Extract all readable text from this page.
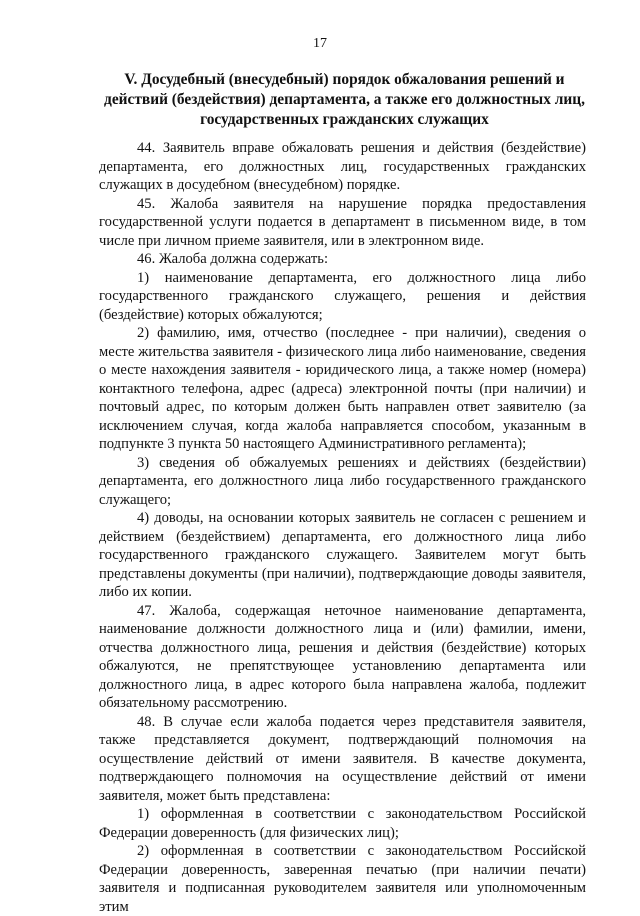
17
V. Досудебный (внесудебный) порядок обжалования решений и действий (бездействия) департамента, а также его должностных лиц, государственных гражданских служащих

44. Заявитель вправе обжаловать решения и действия (бездействие) департамента, его должностных лиц, государственных гражданских служащих в досудебном (внесудебном) порядке.

45. Жалоба заявителя на нарушение порядка предоставления государственной услуги подается в департамент в письменном виде, в том числе при личном приеме заявителя, или в электронном виде.

46. Жалоба должна содержать:

1) наименование департамента, его должностного лица либо государственного гражданского служащего, решения и действия (бездействие) которых обжалуются;

2) фамилию, имя, отчество (последнее - при наличии), сведения о месте жительства заявителя - физического лица либо наименование, сведения о месте нахождения заявителя - юридического лица, а также номер (номера) контактного телефона, адрес (адреса) электронной почты (при наличии) и почтовый адрес, по которым должен быть направлен ответ заявителю (за исключением случая, когда жалоба направляется способом, указанным в подпункте 3 пункта 50 настоящего Административного регламента);

3) сведения об обжалуемых решениях и действиях (бездействии) департамента, его должностного лица либо государственного гражданского служащего;

4) доводы, на основании которых заявитель не согласен с решением и действием (бездействием) департамента, его должностного лица либо государственного гражданского служащего. Заявителем могут быть представлены документы (при наличии), подтверждающие доводы заявителя, либо их копии.

47. Жалоба, содержащая неточное наименование департамента, наименование должности должностного лица и (или) фамилии, имени, отчества должностного лица, решения и действия (бездействие) которых обжалуются, не препятствующее установлению департамента или должностного лица, в адрес которого была направлена жалоба, подлежит обязательному рассмотрению.

48. В случае если жалоба подается через представителя заявителя, также представляется документ, подтверждающий полномочия на осуществление действий от имени заявителя. В качестве документа, подтверждающего полномочия на осуществление действий от имени заявителя, может быть представлена:

1) оформленная в соответствии с законодательством Российской Федерации доверенность (для физических лиц);

2) оформленная в соответствии с законодательством Российской Федерации доверенность, заверенная печатью (при наличии печати) заявителя и подписанная руководителем заявителя или уполномоченным этим
